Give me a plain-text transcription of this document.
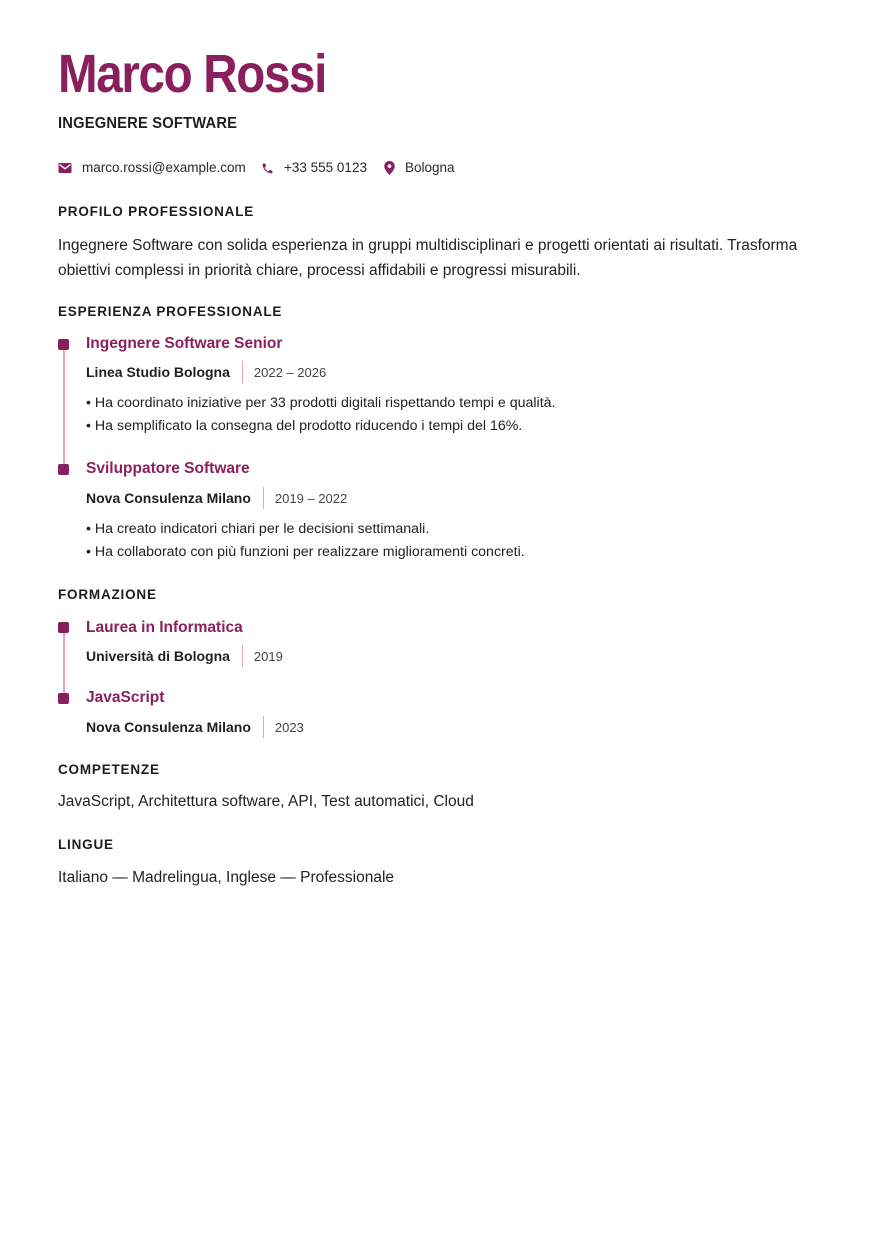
Marco Rossi
INGEGNERE SOFTWARE
marco.rossi@example.com	+33 555 0123	Bologna
PROFILO PROFESSIONALE

Ingegnere Software con solida esperienza in gruppi multidisciplinari e progetti orientati ai risultati. Trasforma obiettivi complessi in priorità chiare, processi affidabili e progressi misurabili.

ESPERIENZA PROFESSIONALE
Ingegnere Software Senior
Linea Studio Bologna 2022 – 2026
• Ha coordinato iniziative per 33 prodotti digitali rispettando tempi e qualità.
• Ha semplificato la consegna del prodotto riducendo i tempi del 16%.
Sviluppatore Software
Nova Consulenza Milano 2019 – 2022
• Ha creato indicatori chiari per le decisioni settimanali.
• Ha collaborato con più funzioni per realizzare miglioramenti concreti.
FORMAZIONE
Laurea in Informatica
Università di Bologna 2019
JavaScript
Nova Consulenza Milano 2023
COMPETENZE

JavaScript, Architettura software, API, Test automatici, Cloud

LINGUE

Italiano — Madrelingua, Inglese — Professionale
